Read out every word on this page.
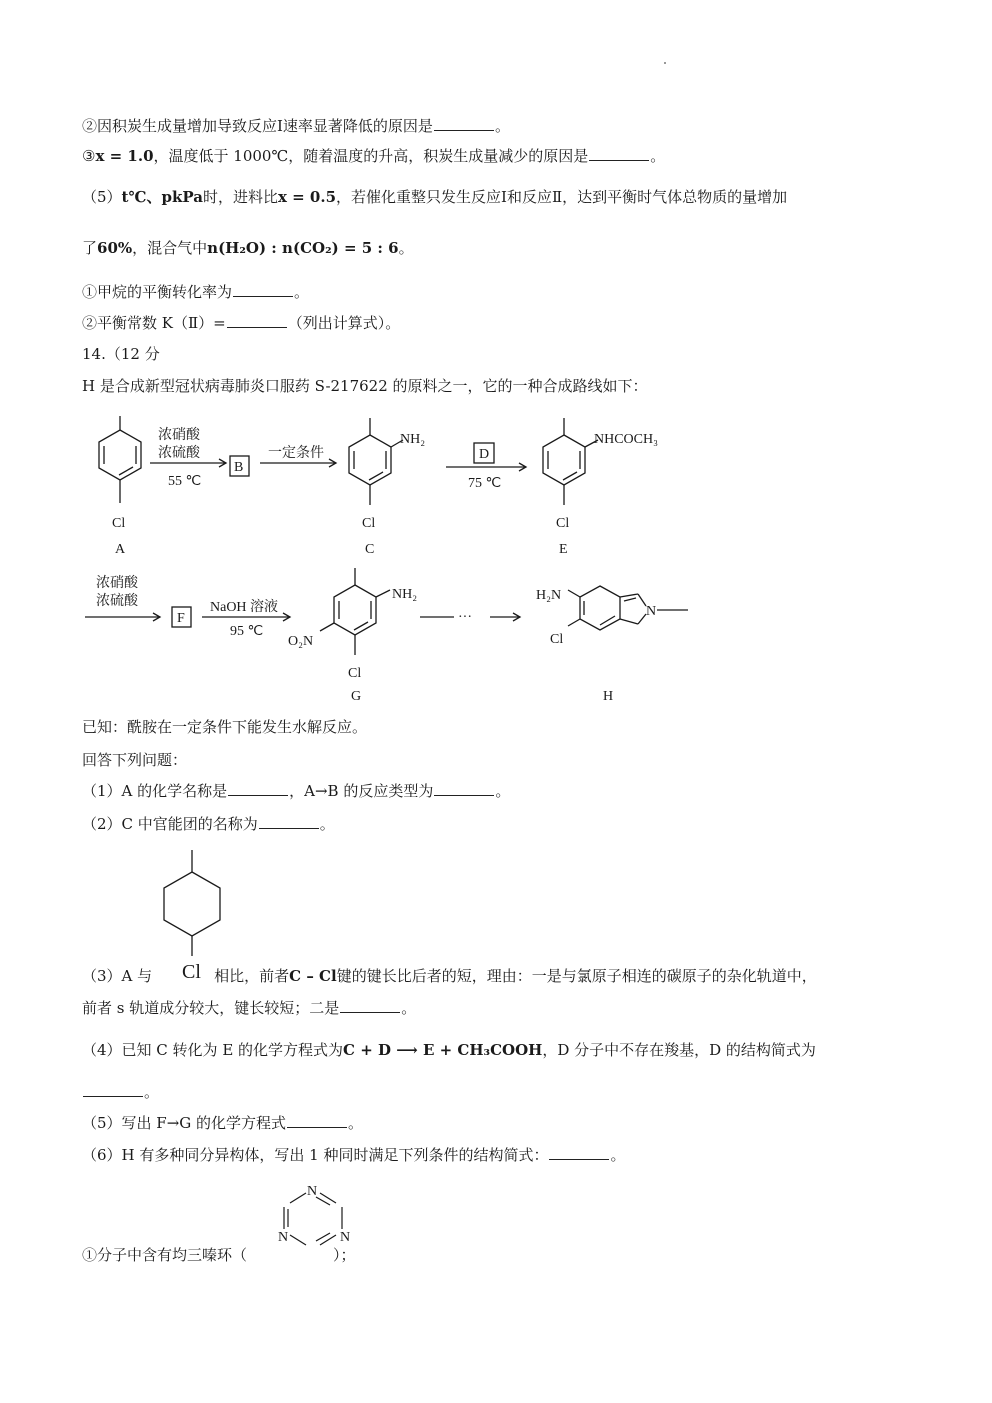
②因积炭生成量增加导致反应Ⅰ速率显著降低的原因是	。
③x = 1.0，温度低于 1000℃，随着温度的升高，积炭生成量减少的原因是	。
（5）t℃、pkPa时，进料比x = 0.5，若催化重整只发生反应Ⅰ和反应Ⅱ，达到平衡时气体总物质的量增加
了60%，混合气中n(H₂O) : n(CO₂) = 5 : 6。
①甲烷的平衡转化率为	。
②平衡常数 K（Ⅱ）=	（列出计算式）。
14.（12 分
H 是合成新型冠状病毒肺炎口服药 S-217622 的原料之一，它的一种合成路线如下：
浓硝酸
浓硫酸
55 ℃
B
一定条件
NH₂
Cl
D
75 ℃
NHCOCH₃
Cl
Cl
A	C	E
浓硝酸
浓硫酸
F
NaOH 溶液
95 ℃
NH₂
O₂N
Cl
G
···
H₂N
Cl
N
H
已知：酰胺在一定条件下能发生水解反应。
回答下列问题：
（1）A 的化学名称是	，A→B 的反应类型为	。
（2）C 中官能团的名称为	。
Cl
（3）A 与	相比，前者C – Cl键的键长比后者的短，理由：一是与氯原子相连的碳原子的杂化轨道中，
前者 s 轨道成分较大，键长较短；二是	。
（4）已知 C 转化为 E 的化学方程式为C + D ⟶ E + CH₃COOH，D 分子中不存在羧基，D 的结构简式为
。
（5）写出 F→G 的化学方程式	。
（6）H 有多种同分异构体，写出 1 种同时满足下列条件的结构简式：	。
N
N	N
①分子中含有均三嗪环（	）；
